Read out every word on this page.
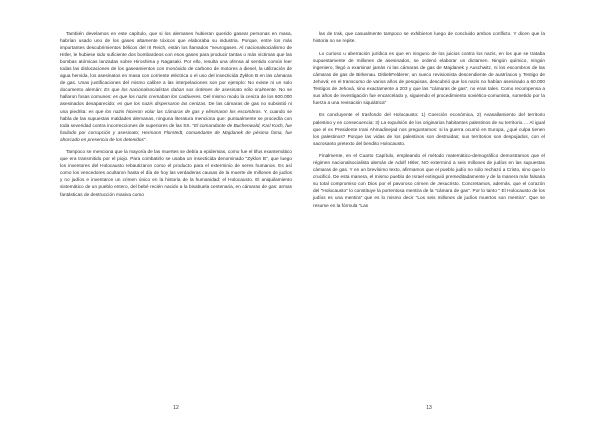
También develamos en este capítulo, que si los alemanes hubieran querido gasear personas en masa, habrían usado uno de los gases altamente tóxicos que elaboraba su industria. Porque, entre los más importantes descubrimientos bélicos del III Reich, están los llamados "neurogases. Al nacionalsocialismo de Hitler, le hubiese sido suficiente dos bombardeos con esos gases para producir tantas o más víctimas que las bombas atómicas lanzadas sobre Hiroshima y Nagasaki. Por ello, resulta una ofensa al sentido común leer todas las dislocaciones de los gaseamientos con monóxido de carbono de motores a diesel, la utilización de agua hervida, los asesinatos en masa con corriente eléctrica o el uso del insecticida Zyklon B en las cámaras de gas. Unas justificaciones del mismo calibre a las interpelaciones son por ejemplo: No existe ni un solo documento alemán: Es que los nacionalsocialistas daban sus órdenes de asesinato sólo oralmente. No se hallaron fosas comunes: es que los nazis cremaban los cadáveres. Del mismo modo la ceniza de los 600.000 asesinados desaparecido: es que los nazis dispersaron las cenizas. De las cámaras de gas no subsistió ni una piedrita: es que los nazis hicieron volar las cámaras de gas y eliminaron los escombros. Y, cuando se habla de las supuestas maldades alemanas, ninguna literatura menciona que: puntualmente se procedía con toda severidad contra incorrecciones de superiores de las SS. "El comandante de Buchenwald, Karl Koch, fue fusilado por corrupción y asesinato; Hermann Florstedt, comandante de Majdanek de pésima fama, fue ahorcado en presencia de los detenidos".

Tampoco se menciona que la mayoría de las muertes se debía a epidemias, como fue el tifus exantemático que era transmitido por el piojo. Para combatirlo se usaba un insecticida denominado "Zyklon B", que luego los inventores del Holocausto rebautizaron como el producto para el exterminio de seres humanos. Es así como los vencedores ocultaron hasta el día de hoy las verdaderas causas de la muerte de millones de judíos y no judíos e inventaron un crimen único en la historia de la humanidad: el Holocausto. El aniquilamiento sistemático de un pueblo entero, del bebé recién nacido a la bisabuela centenaria, en cámaras de gas: armas fantásticas de destrucción masiva como

12

las de Irak, que casualmente tampoco se exhibieron luego de concluido ambos conflicto. Y dicen que la historia no se repite.

Lo curioso u aberración jurídica es que en ninguno de los juicios contra los nazis, en los que se trataba supuestamente de millones de asesinados, se ordenó elaborar un dictamen. Ningún químico, ningún ingeniero, llegó a examinar jamás ni las cámaras de gas de Majdanek y Auschwitz, ni los escombros de las cámaras de gas de Birkenau. DitliebFelderer, un sueco revisionista descendiente de austríacos y Testigo de Jehová; en el transcurso de varios años de pesquisas, descubrió que los nazis no habían asesinado a 60.000 Testigos de Jehová, sino exactamente a 203 y que las "cámaras de gas", no eran tales. Como recompensa a sus años de investigación fue encarcelado y, siguiendo el procedimiento soviético-comunista, sometido por la fuerza a una revisación siquiátrica"

Es concluyente el trasfondo del Holocausto: 1) Coerción económica, 2) Avasallamiento del territorio palestino y en consecuencia: 3) La expulsión de los originarios habitantes palestinos de su territorio.… Al igual que el ex Presidente Irani Ahmadinejad nos preguntamos: si la guerra ocurrió en Europa, ¿qué culpa tienen los palestinos? Porque las vidas de los palestinos son destruidas; sus territorios son despojados, con el sacrosanto pretexto del bendito Holocausto.

Finalmente, en el Cuarto Capítulo, empleando el método matemático-demográfico demostramos que el régimen nacionalsocialista alemán de Adolf Hitler, NO exterminó a seis millones de judíos en las supuestas cámaras de gas. Y en un brevísimo texto, afirmamos que el pueblo judío no sólo rechazó a Cristo, sino que lo crucificó. De esta manera, el mismo pueblo de Israel extinguió premeditadamente y de la manera más falsaria su total compromiso con Dios por el pavoroso crimen de Jesucristo. Concretamos, además, que el corazón del "Holocausto" lo constituye la portentosa mentira de la "cámara de gas". Por lo tanto " El Holocausto de los judíos es una mentira" que es lo mismo decir "Los seis millones de judíos muertos son mentira". Que se resume en la fórmula "Las

13
